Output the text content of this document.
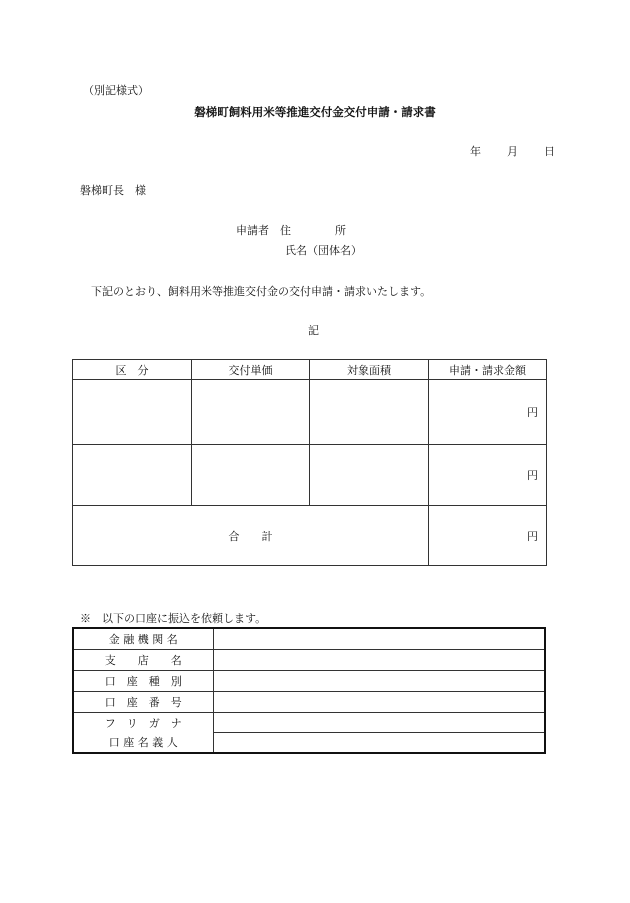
（別記様式）
磐梯町飼料用米等推進交付金交付申請・請求書
年 月 日
磐梯町長　様
申請者　住　　　　所
氏名（団体名）
下記のとおり、飼料用米等推進交付金の交付申請・請求いたします。
記
区　分	交付単価	対象面積	申請・請求金額
			円
			円
合　　計			円
※　以下の口座に振込を依頼します。
金 融 機 関 名	
支　　店　　名	
口　座　種　別	
口　座　番　号	
フ　リ　ガ　ナ	
口 座 名 義 人	
